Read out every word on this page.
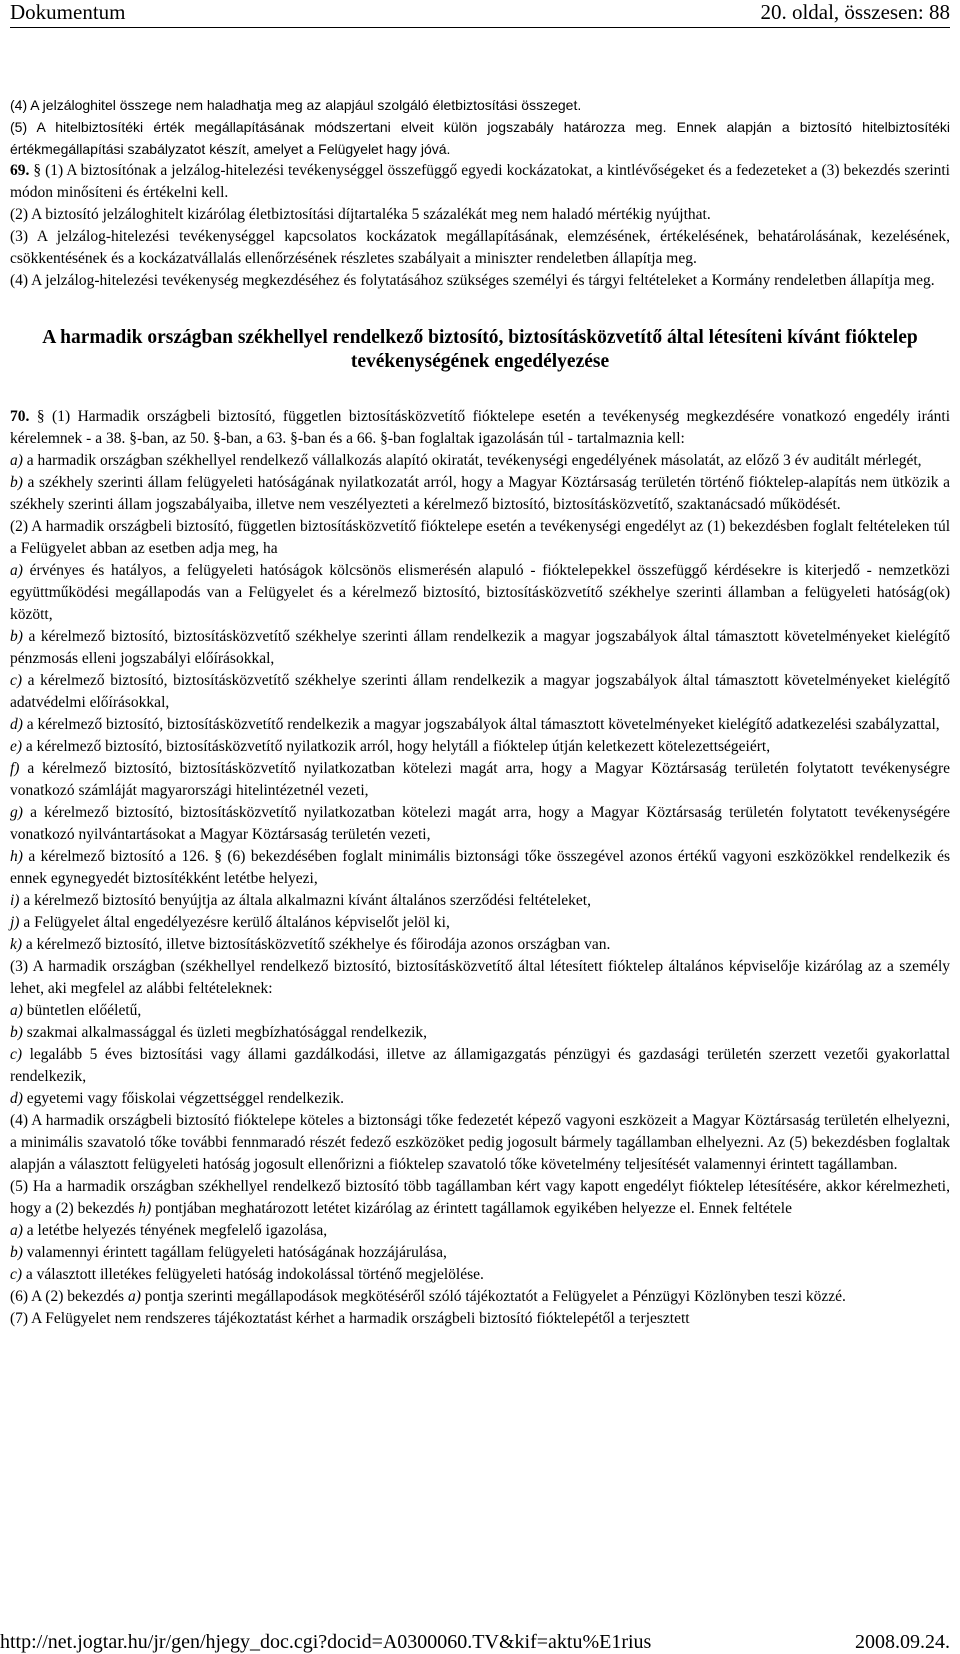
Dokumentum	20. oldal, összesen: 88

(4) A jelzáloghitel összege nem haladhatja meg az alapjául szolgáló életbiztosítási összeget.

(5) A hitelbiztosítéki érték megállapításának módszertani elveit külön jogszabály határozza meg. Ennek alapján a biztosító hitelbiztosítéki értékmegállapítási szabályzatot készít, amelyet a Felügyelet hagy jóvá.

69. § (1) A biztosítónak a jelzálog-hitelezési tevékenységgel összefüggő egyedi kockázatokat, a kintlévőségeket és a fedezeteket a (3) bekezdés szerinti módon minősíteni és értékelni kell.

(2) A biztosító jelzáloghitelt kizárólag életbiztosítási díjtartaléka 5 százalékát meg nem haladó mértékig nyújthat.

(3) A jelzálog-hitelezési tevékenységgel kapcsolatos kockázatok megállapításának, elemzésének, értékelésének, behatárolásának, kezelésének, csökkentésének és a kockázatvállalás ellenőrzésének részletes szabályait a miniszter rendeletben állapítja meg.

(4) A jelzálog-hitelezési tevékenység megkezdéséhez és folytatásához szükséges személyi és tárgyi feltételeket a Kormány rendeletben állapítja meg.

A harmadik országban székhellyel rendelkező biztosító, biztosításközvetítő által létesíteni kívánt fióktelep tevékenységének engedélyezése

70. § (1) Harmadik országbeli biztosító, független biztosításközvetítő fióktelepe esetén a tevékenység megkezdésére vonatkozó engedély iránti kérelemnek - a 38. §-ban, az 50. §-ban, a 63. §-ban és a 66. §-ban foglaltak igazolásán túl - tartalmaznia kell:

a) a harmadik országban székhellyel rendelkező vállalkozás alapító okiratát, tevékenységi engedélyének másolatát, az előző 3 év auditált mérlegét,

b) a székhely szerinti állam felügyeleti hatóságának nyilatkozatát arról, hogy a Magyar Köztársaság területén történő fióktelep-alapítás nem ütközik a székhely szerinti állam jogszabályaiba, illetve nem veszélyezteti a kérelmező biztosító, biztosításközvetítő, szaktanácsadó működését.

(2) A harmadik országbeli biztosító, független biztosításközvetítő fióktelepe esetén a tevékenységi engedélyt az (1) bekezdésben foglalt feltételeken túl a Felügyelet abban az esetben adja meg, ha

a) érvényes és hatályos, a felügyeleti hatóságok kölcsönös elismerésén alapuló - fióktelepekkel összefüggő kérdésekre is kiterjedő - nemzetközi együttműködési megállapodás van a Felügyelet és a kérelmező biztosító, biztosításközvetítő székhelye szerinti államban a felügyeleti hatóság(ok) között,

b) a kérelmező biztosító, biztosításközvetítő székhelye szerinti állam rendelkezik a magyar jogszabályok által támasztott követelményeket kielégítő pénzmosás elleni jogszabályi előírásokkal,

c) a kérelmező biztosító, biztosításközvetítő székhelye szerinti állam rendelkezik a magyar jogszabályok által támasztott követelményeket kielégítő adatvédelmi előírásokkal,

d) a kérelmező biztosító, biztosításközvetítő rendelkezik a magyar jogszabályok által támasztott követelményeket kielégítő adatkezelési szabályzattal,

e) a kérelmező biztosító, biztosításközvetítő nyilatkozik arról, hogy helytáll a fióktelep útján keletkezett kötelezettségeiért,

f) a kérelmező biztosító, biztosításközvetítő nyilatkozatban kötelezi magát arra, hogy a Magyar Köztársaság területén folytatott tevékenységre vonatkozó számláját magyarországi hitelintézetnél vezeti,

g) a kérelmező biztosító, biztosításközvetítő nyilatkozatban kötelezi magát arra, hogy a Magyar Köztársaság területén folytatott tevékenységére vonatkozó nyilvántartásokat a Magyar Köztársaság területén vezeti,

h) a kérelmező biztosító a 126. § (6) bekezdésében foglalt minimális biztonsági tőke összegével azonos értékű vagyoni eszközökkel rendelkezik és ennek egynegyedét biztosítékként letétbe helyezi,

i) a kérelmező biztosító benyújtja az általa alkalmazni kívánt általános szerződési feltételeket,

j) a Felügyelet által engedélyezésre kerülő általános képviselőt jelöl ki,

k) a kérelmező biztosító, illetve biztosításközvetítő székhelye és főirodája azonos országban van.

(3) A harmadik országban (székhellyel rendelkező biztosító, biztosításközvetítő által létesített fióktelep általános képviselője kizárólag az a személy lehet, aki megfelel az alábbi feltételeknek:

a) büntetlen előéletű,

b) szakmai alkalmassággal és üzleti megbízhatósággal rendelkezik,

c) legalább 5 éves biztosítási vagy állami gazdálkodási, illetve az államigazgatás pénzügyi és gazdasági területén szerzett vezetői gyakorlattal rendelkezik,

d) egyetemi vagy főiskolai végzettséggel rendelkezik.

(4) A harmadik országbeli biztosító fióktelepe köteles a biztonsági tőke fedezetét képező vagyoni eszközeit a Magyar Köztársaság területén elhelyezni, a minimális szavatoló tőke további fennmaradó részét fedező eszközöket pedig jogosult bármely tagállamban elhelyezni. Az (5) bekezdésben foglaltak alapján a választott felügyeleti hatóság jogosult ellenőrizni a fióktelep szavatoló tőke követelmény teljesítését valamennyi érintett tagállamban.

(5) Ha a harmadik országban székhellyel rendelkező biztosító több tagállamban kért vagy kapott engedélyt fióktelep létesítésére, akkor kérelmezheti, hogy a (2) bekezdés h) pontjában meghatározott letétet kizárólag az érintett tagállamok egyikében helyezze el. Ennek feltétele

a) a letétbe helyezés tényének megfelelő igazolása,

b) valamennyi érintett tagállam felügyeleti hatóságának hozzájárulása,

c) a választott illetékes felügyeleti hatóság indokolással történő megjelölése.

(6) A (2) bekezdés a) pontja szerinti megállapodások megkötéséről szóló tájékoztatót a Felügyelet a Pénzügyi Közlönyben teszi közzé.

(7) A Felügyelet nem rendszeres tájékoztatást kérhet a harmadik országbeli biztosító fióktelepétől a terjesztett

http://net.jogtar.hu/jr/gen/hjegy_doc.cgi?docid=A0300060.TV&kif=aktu%E1rius	2008.09.24.
